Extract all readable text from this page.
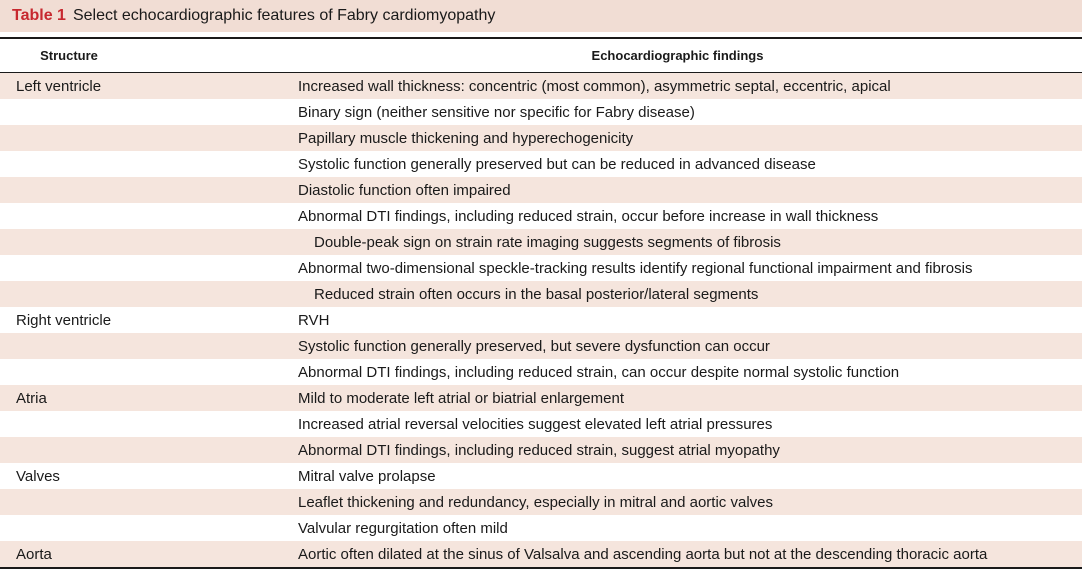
Table 1 Select echocardiographic features of Fabry cardiomyopathy
Structure	Echocardiographic findings
Left ventricle	Increased wall thickness: concentric (most common), asymmetric septal, eccentric, apical
Binary sign (neither sensitive nor specific for Fabry disease)
Papillary muscle thickening and hyperechogenicity
Systolic function generally preserved but can be reduced in advanced disease
Diastolic function often impaired
Abnormal DTI findings, including reduced strain, occur before increase in wall thickness
Double-peak sign on strain rate imaging suggests segments of fibrosis
Abnormal two-dimensional speckle-tracking results identify regional functional impairment and fibrosis
Reduced strain often occurs in the basal posterior/lateral segments
Right ventricle	RVH
Systolic function generally preserved, but severe dysfunction can occur
Abnormal DTI findings, including reduced strain, can occur despite normal systolic function
Atria	Mild to moderate left atrial or biatrial enlargement
Increased atrial reversal velocities suggest elevated left atrial pressures
Abnormal DTI findings, including reduced strain, suggest atrial myopathy
Valves	Mitral valve prolapse
Leaflet thickening and redundancy, especially in mitral and aortic valves
Valvular regurgitation often mild
Aorta	Aortic often dilated at the sinus of Valsalva and ascending aorta but not at the descending thoracic aorta
